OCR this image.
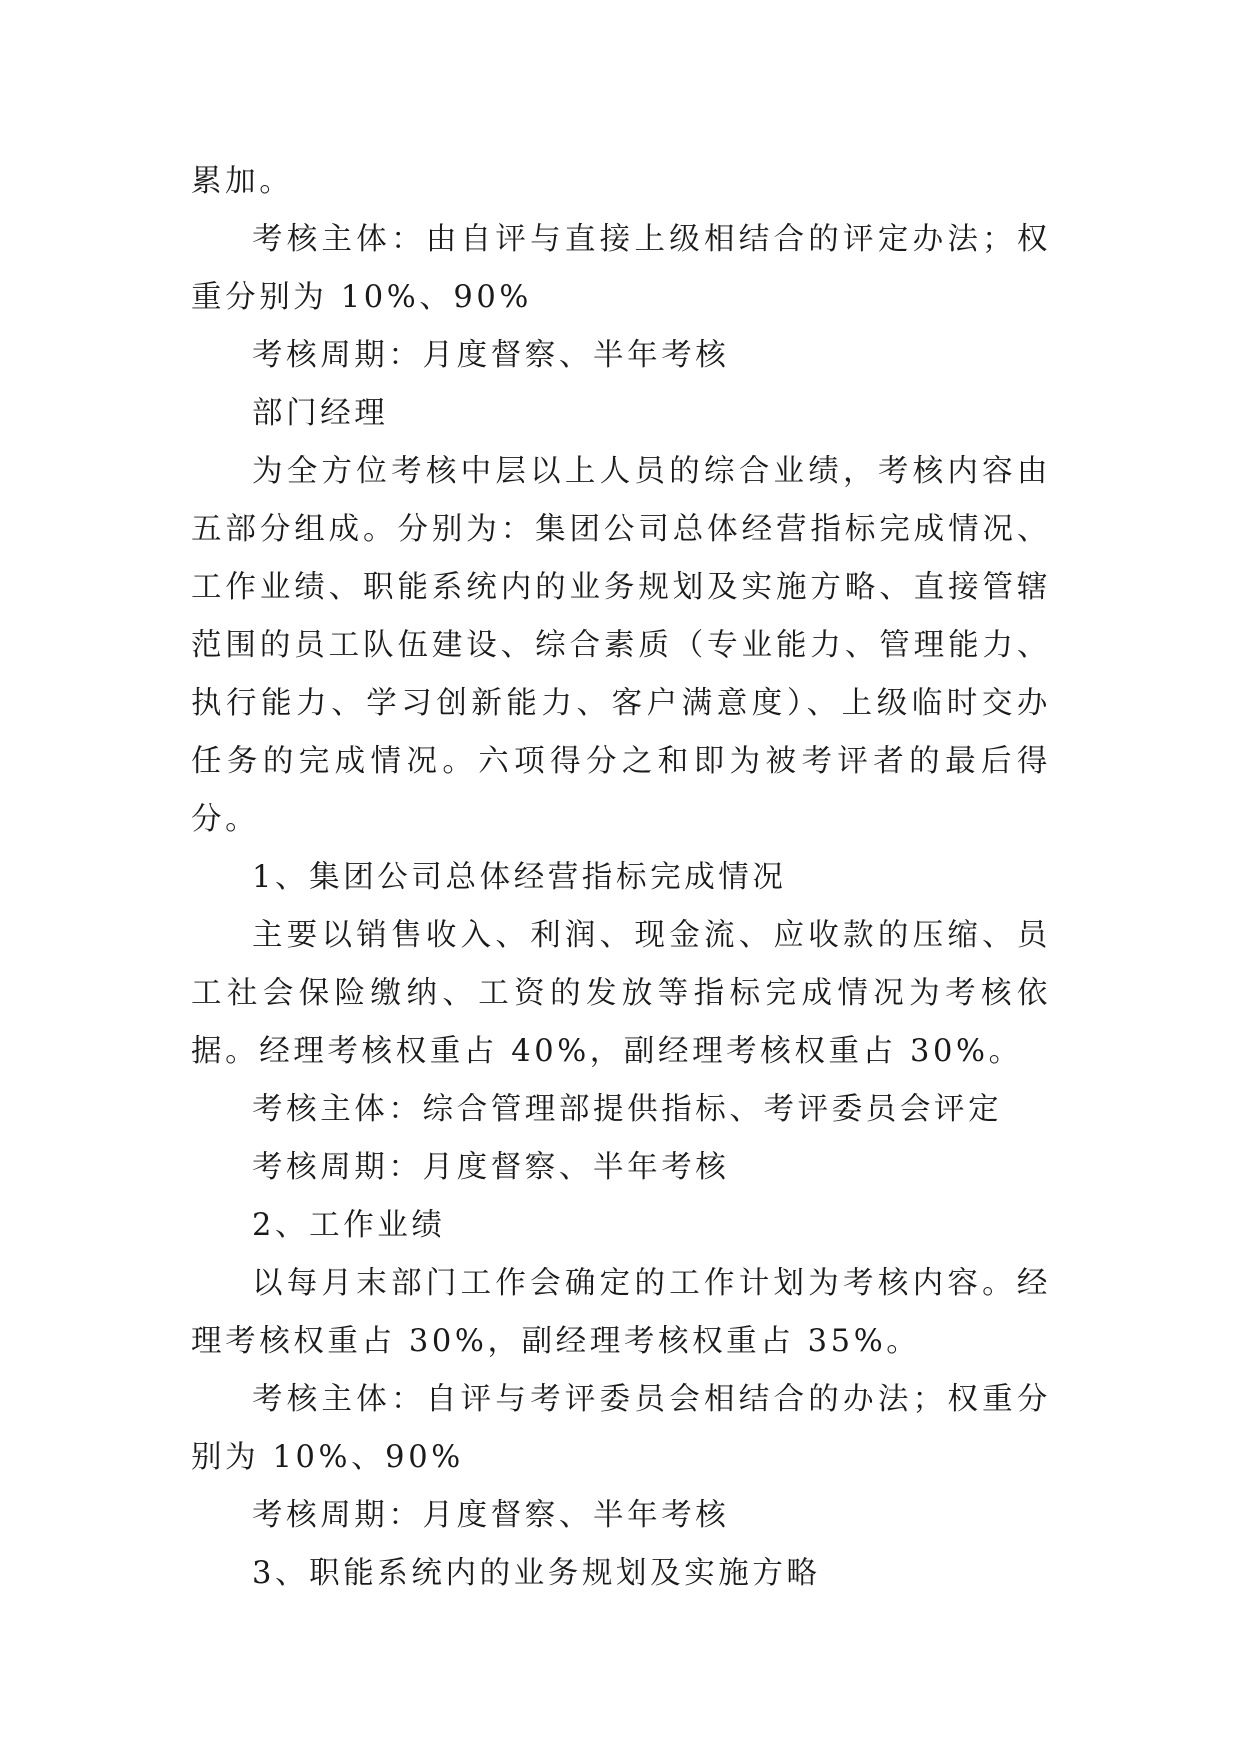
累加。

考核主体：由自评与直接上级相结合的评定办法；权重分别为 10%、90%

考核周期：月度督察、半年考核

部门经理

为全方位考核中层以上人员的综合业绩，考核内容由五部分组成。分别为：集团公司总体经营指标完成情况、工作业绩、职能系统内的业务规划及实施方略、直接管辖范围的员工队伍建设、综合素质（专业能力、管理能力、执行能力、学习创新能力、客户满意度）、上级临时交办任务的完成情况。六项得分之和即为被考评者的最后得分。

1、集团公司总体经营指标完成情况

主要以销售收入、利润、现金流、应收款的压缩、员工社会保险缴纳、工资的发放等指标完成情况为考核依据。经理考核权重占 40%，副经理考核权重占 30%。

考核主体：综合管理部提供指标、考评委员会评定

考核周期：月度督察、半年考核

2、工作业绩

以每月末部门工作会确定的工作计划为考核内容。经理考核权重占 30%，副经理考核权重占 35%。

考核主体：自评与考评委员会相结合的办法；权重分别为 10%、90%

考核周期：月度督察、半年考核

3、职能系统内的业务规划及实施方略
